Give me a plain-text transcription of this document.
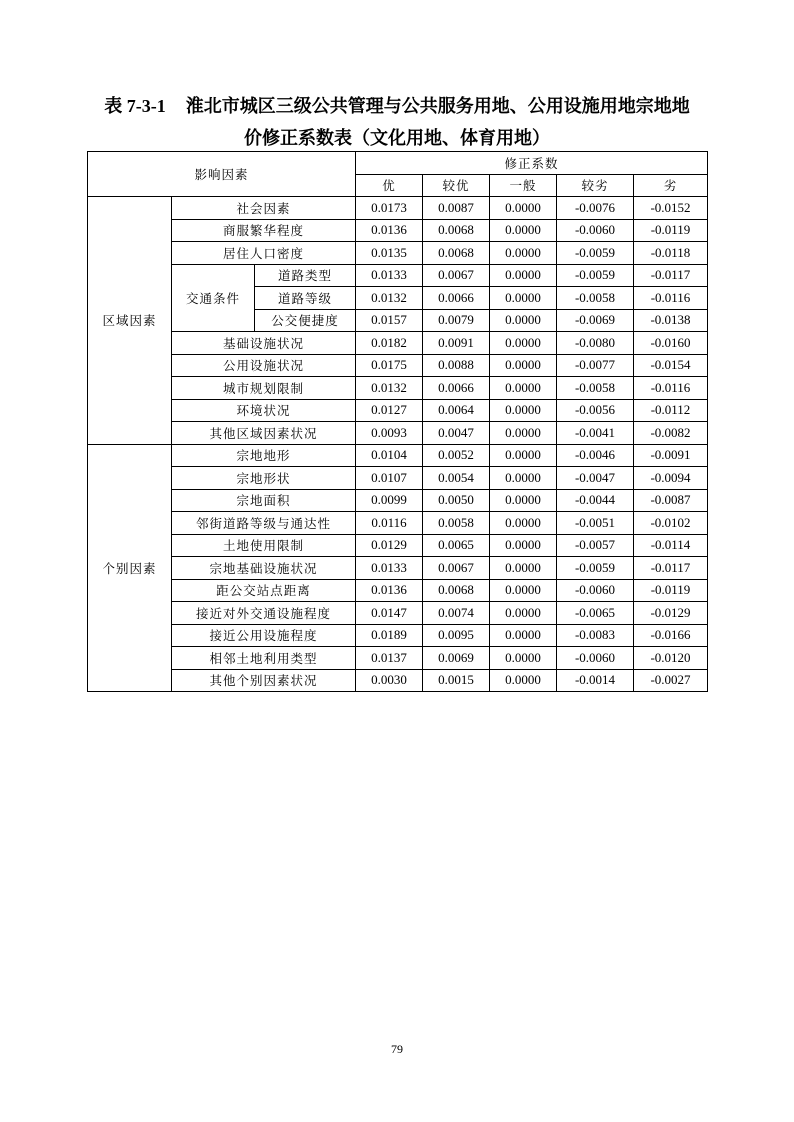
表 7-3-1 淮北市城区三级公共管理与公共服务用地、公用设施用地宗地地
价修正系数表（文化用地、体育用地）
影响因素			修正系数				
			优	较优	一般	较劣	劣
区域因素	社会因素		0.0173	0.0087	0.0000	-0.0076	-0.0152
	商服繁华程度		0.0136	0.0068	0.0000	-0.0060	-0.0119
	居住人口密度		0.0135	0.0068	0.0000	-0.0059	-0.0118
	交通条件	道路类型	0.0133	0.0067	0.0000	-0.0059	-0.0117
		道路等级	0.0132	0.0066	0.0000	-0.0058	-0.0116
		公交便捷度	0.0157	0.0079	0.0000	-0.0069	-0.0138
	基础设施状况		0.0182	0.0091	0.0000	-0.0080	-0.0160
	公用设施状况		0.0175	0.0088	0.0000	-0.0077	-0.0154
	城市规划限制		0.0132	0.0066	0.0000	-0.0058	-0.0116
	环境状况		0.0127	0.0064	0.0000	-0.0056	-0.0112
	其他区域因素状况		0.0093	0.0047	0.0000	-0.0041	-0.0082
个别因素	宗地地形		0.0104	0.0052	0.0000	-0.0046	-0.0091
	宗地形状		0.0107	0.0054	0.0000	-0.0047	-0.0094
	宗地面积		0.0099	0.0050	0.0000	-0.0044	-0.0087
	邻街道路等级与通达性		0.0116	0.0058	0.0000	-0.0051	-0.0102
	土地使用限制		0.0129	0.0065	0.0000	-0.0057	-0.0114
	宗地基础设施状况		0.0133	0.0067	0.0000	-0.0059	-0.0117
	距公交站点距离		0.0136	0.0068	0.0000	-0.0060	-0.0119
	接近对外交通设施程度		0.0147	0.0074	0.0000	-0.0065	-0.0129
	接近公用设施程度		0.0189	0.0095	0.0000	-0.0083	-0.0166
	相邻土地利用类型		0.0137	0.0069	0.0000	-0.0060	-0.0120
	其他个别因素状况		0.0030	0.0015	0.0000	-0.0014	-0.0027
79
